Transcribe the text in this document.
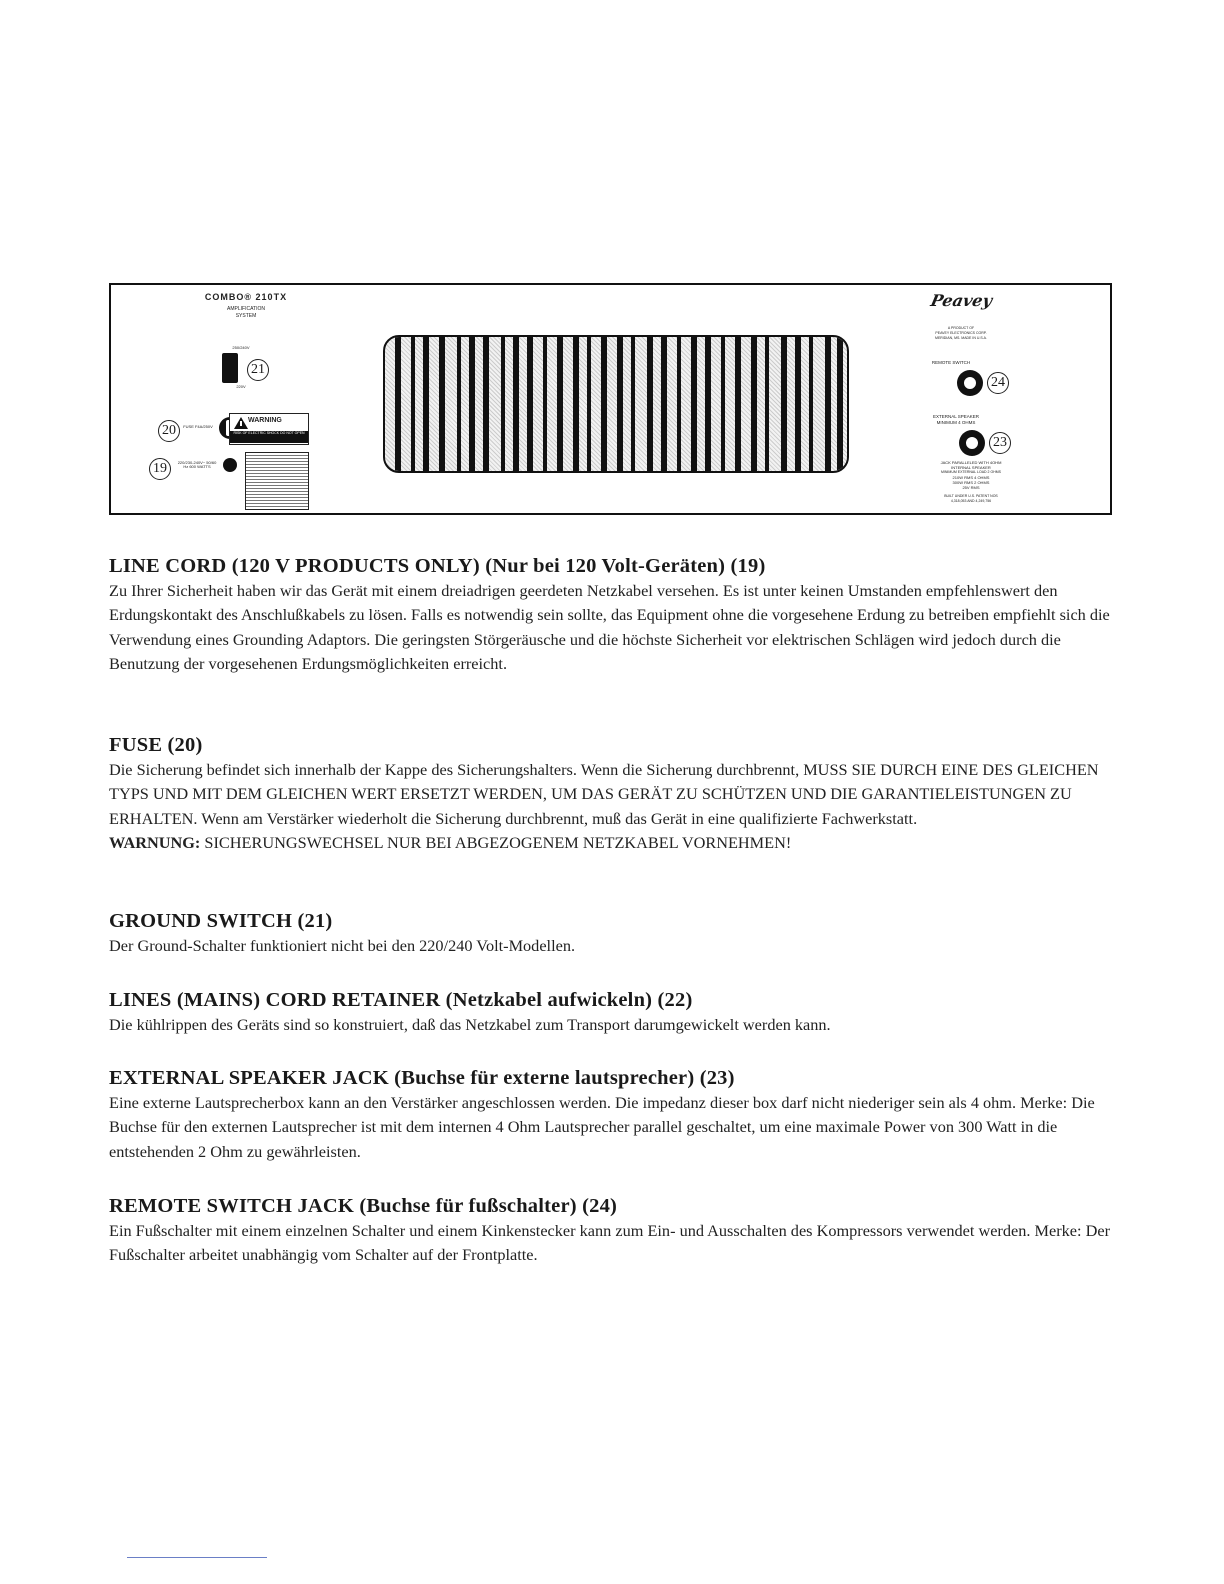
COMBO® 210TX
AMPLIFICATION
SYSTEM
250/240V
220V
21
20	FUSE F4A/250V
WARNING
RISK OF ELECTRIC SHOCK DO NOT OPEN
19	220/230-240V~ 50/60 Hz 600 WATTS
Peavey
A PRODUCT OF
PEAVEY ELECTRONICS CORP.
MERIDIAN, MS. MADE IN U.S.A.
REMOTE SWITCH
24
EXTERNAL SPEAKER
MINIMUM 4 OHMS
23
JACK PARALLELED WITH 4OHM
INTERNAL SPEAKER
MINIMUM EXTERNAL LOAD 2 OHMS
210W RMS 4 OHMS
300W RMS 2 OHMS
25V RMS
BUILT UNDER U.S. PATENT NOS
4,318,053 AND 4,249,756
LINE CORD (120 V PRODUCTS ONLY) (Nur bei 120 Volt-Geräten) (19)

Zu Ihrer Sicherheit haben wir das Gerät mit einem dreiadrigen geerdeten Netzkabel versehen. Es ist unter keinen Umstanden empfehlenswert den Erdungskontakt des Anschlußkabels zu lösen. Falls es notwendig sein sollte, das Equipment ohne die vorgesehene Erdung zu betreiben empfiehlt sich die Verwendung eines Grounding Adaptors. Die geringsten Störgeräusche und die höchste Sicherheit vor elektrischen Schlägen wird jedoch durch die Benutzung der vorgesehenen Erdungsmöglichkeiten erreicht.

FUSE (20)

Die Sicherung befindet sich innerhalb der Kappe des Sicherungshalters. Wenn die Sicherung durchbrennt, MUSS SIE DURCH EINE DES GLEICHEN TYPS UND MIT DEM GLEICHEN WERT ERSETZT WERDEN, UM DAS GERÄT ZU SCHÜTZEN UND DIE GARANTIELEISTUNGEN ZU ERHALTEN. Wenn am Verstärker wiederholt die Sicherung durchbrennt, muß das Gerät in eine qualifizierte Fachwerkstatt.

WARNUNG: SICHERUNGSWECHSEL NUR BEI ABGEZOGENEM NETZKABEL VORNEHMEN!

GROUND SWITCH (21)

Der Ground-Schalter funktioniert nicht bei den 220/240 Volt-Modellen.

LINES (MAINS) CORD RETAINER (Netzkabel aufwickeln) (22)

Die kühlrippen des Geräts sind so konstruiert, daß das Netzkabel zum Transport darumgewickelt werden kann.

EXTERNAL SPEAKER JACK (Buchse für externe lautsprecher) (23)

Eine externe Lautsprecherbox kann an den Verstärker angeschlossen werden. Die impedanz dieser box darf nicht niederiger sein als 4 ohm. Merke: Die Buchse für den externen Lautsprecher ist mit dem internen 4 Ohm Lautsprecher parallel geschaltet, um eine maximale Power von 300 Watt in die entstehenden 2 Ohm zu gewährleisten.

REMOTE SWITCH JACK (Buchse für fußschalter) (24)

Ein Fußschalter mit einem einzelnen Schalter und einem Kinkenstecker kann zum Ein- und Ausschalten des Kompressors verwendet werden. Merke: Der Fußschalter arbeitet unabhängig vom Schalter auf der Frontplatte.
